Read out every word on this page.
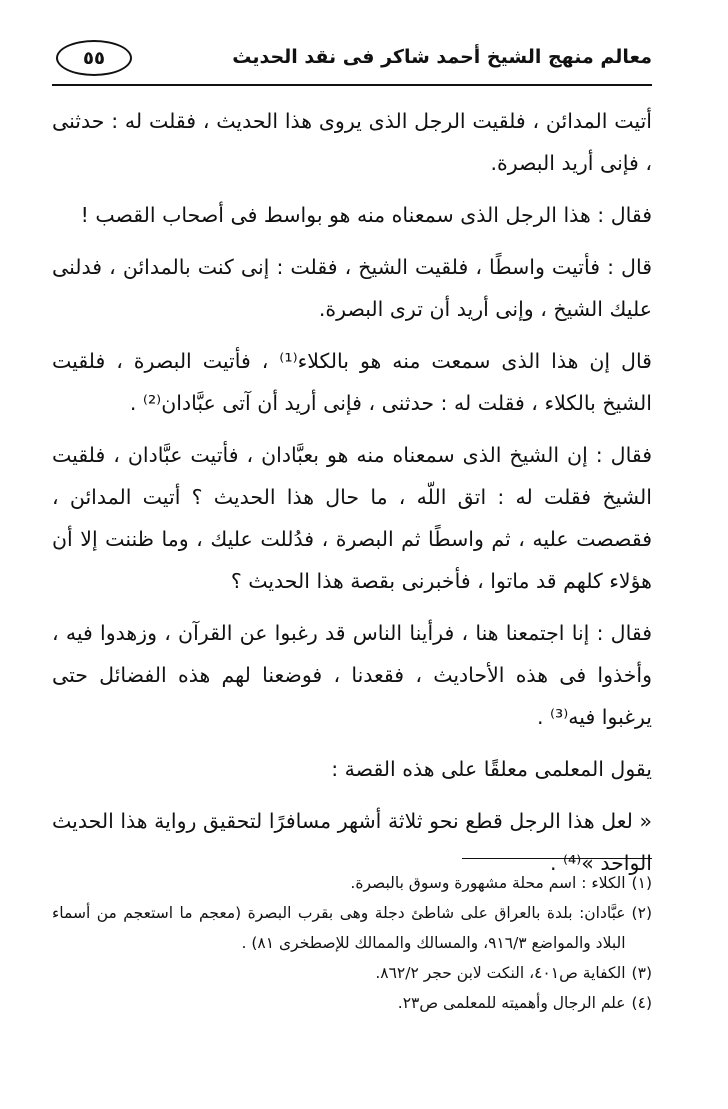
معالم منهج الشيخ أحمد شاكر فى نقد الحديث
٥٥

أتيت المدائن ، فلقيت الرجل الذى يروى هذا الحديث ، فقلت له : حدثنى ، فإنى أريد البصرة.

فقال : هذا الرجل الذى سمعناه منه هو بواسط فى أصحاب القصب !

قال : فأتيت واسطًا ، فلقيت الشيخ ، فقلت : إنى كنت بالمدائن ، فدلنى عليك الشيخ ، وإنى أريد أن ترى البصرة.

قال إن هذا الذى سمعت منه هو بالكلاء⁽¹⁾ ، فأتيت البصرة ، فلقيت الشيخ بالكلاء ، فقلت له : حدثنى ، فإنى أريد أن آتى عبَّادان⁽²⁾ .

فقال : إن الشيخ الذى سمعناه منه هو بعبَّادان ، فأتيت عبَّادان ، فلقيت الشيخ فقلت له : اتق اللّه ، ما حال هذا الحديث ؟ أتيت المدائن ، فقصصت عليه ، ثم واسطًا ثم البصرة ، فدُللت عليك ، وما ظننت إلا أن هؤلاء كلهم قد ماتوا ، فأخبرنى بقصة هذا الحديث ؟

فقال : إنا اجتمعنا هنا ، فرأينا الناس قد رغبوا عن القرآن ، وزهدوا فيه ، وأخذوا فى هذه الأحاديث ، فقعدنا ، فوضعنا لهم هذه الفضائل حتى يرغبوا فيه⁽³⁾ .

يقول المعلمى معلقًا على هذه القصة :

« لعل هذا الرجل قطع نحو ثلاثة أشهر مسافرًا لتحقيق رواية هذا الحديث الواحد »⁽⁴⁾ .

(١)
الكلاء : اسم محلة مشهورة وسوق بالبصرة.

(٢)
عبَّادان: بلدة بالعراق على شاطئ دجلة وهى بقرب البصرة (معجم ما استعجم من أسماء البلاد والمواضع ٩١٦/٣، والمسالك والممالك للإصطخرى ٨١) .

(٣)
الكفاية ص٤٠١، النكت لابن حجر ٨٦٢/٢.

(٤)
علم الرجال وأهميته للمعلمى ص٢٣.
